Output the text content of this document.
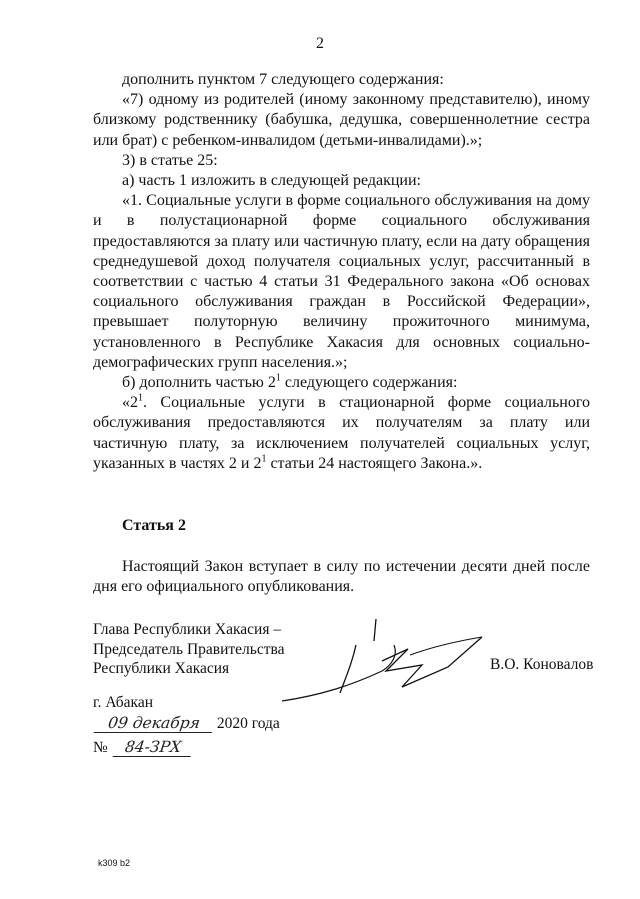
2

дополнить пунктом 7 следующего содержания:

«7) одному из родителей (иному законному представителю), иному близкому родственнику (бабушка, дедушка, совершеннолетние сестра или брат) с ребенком-инвалидом (детьми-инвалидами).»;

3) в статье 25:

а) часть 1 изложить в следующей редакции:

«1. Социальные услуги в форме социального обслуживания на дому и в полустационарной форме социального обслуживания предоставляются за плату или частичную плату, если на дату обращения среднедушевой доход получателя социальных услуг, рассчитанный в соответствии с частью 4 статьи 31 Федерального закона «Об основах социального обслуживания граждан в Российской Федерации», превышает полуторную величину прожиточного минимума, установленного в Республике Хакасия для основных социально-демографических групп населения.»;

б) дополнить частью $2^1$ следующего содержания:

«$2^1$. Социальные услуги в стационарной форме социального обслуживания предоставляются их получателям за плату или частичную плату, за исключением получателей социальных услуг, указанных в частях 2 и $2^1$ статьи 24 настоящего Закона.».

Статья 2

Настоящий Закон вступает в силу по истечении десяти дней после дня его официального опубликования.

Глава Республики Хакасия –
Председатель Правительства
Республики Хакасия	В.О. Коновалов
г. Абакан
09 декабря 2020 года
№ 84-ЗРХ
k309 b2
